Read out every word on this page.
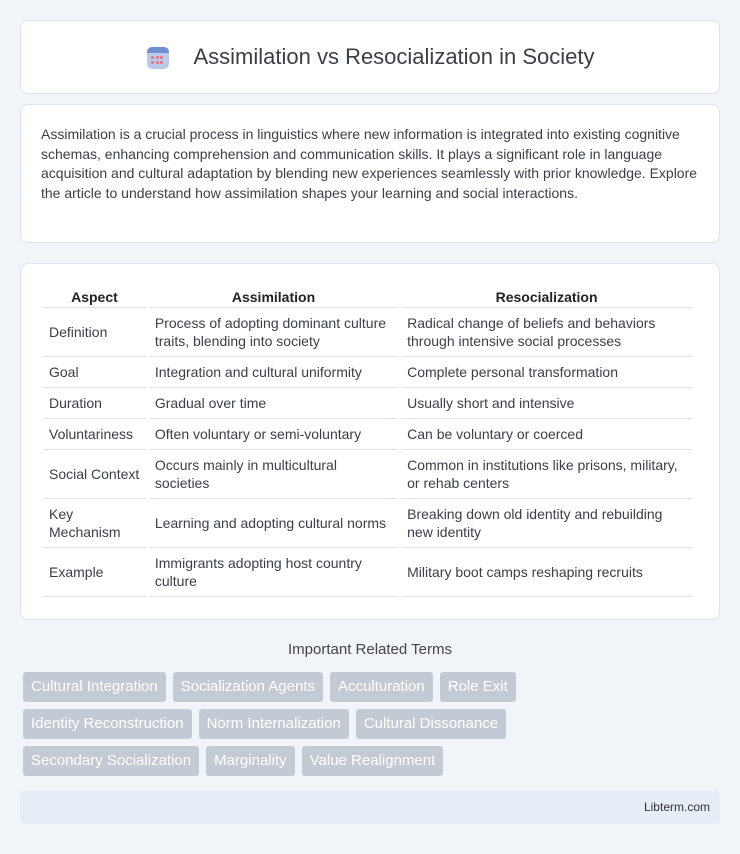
Assimilation vs Resocialization in Society

Assimilation is a crucial process in linguistics where new information is integrated into existing cognitive schemas, enhancing comprehension and communication skills. It plays a significant role in language acquisition and cultural adaptation by blending new experiences seamlessly with prior knowledge. Explore the article to understand how assimilation shapes your learning and social interactions.

Aspect	Assimilation	Resocialization
Definition	Process of adopting dominant culture traits, blending into society	Radical change of beliefs and behaviors through intensive social processes
Goal	Integration and cultural uniformity	Complete personal transformation
Duration	Gradual over time	Usually short and intensive
Voluntariness	Often voluntary or semi-voluntary	Can be voluntary or coerced
Social Context	Occurs mainly in multicultural societies	Common in institutions like prisons, military, or rehab centers
Key Mechanism	Learning and adopting cultural norms	Breaking down old identity and rebuilding new identity
Example	Immigrants adopting host country culture	Military boot camps reshaping recruits
Important Related Terms
Cultural Integration	Socialization Agents	Acculturation	Role Exit
Identity Reconstruction	Norm Internalization	Cultural Dissonance
Secondary Socialization	Marginality	Value Realignment
Libterm.com
